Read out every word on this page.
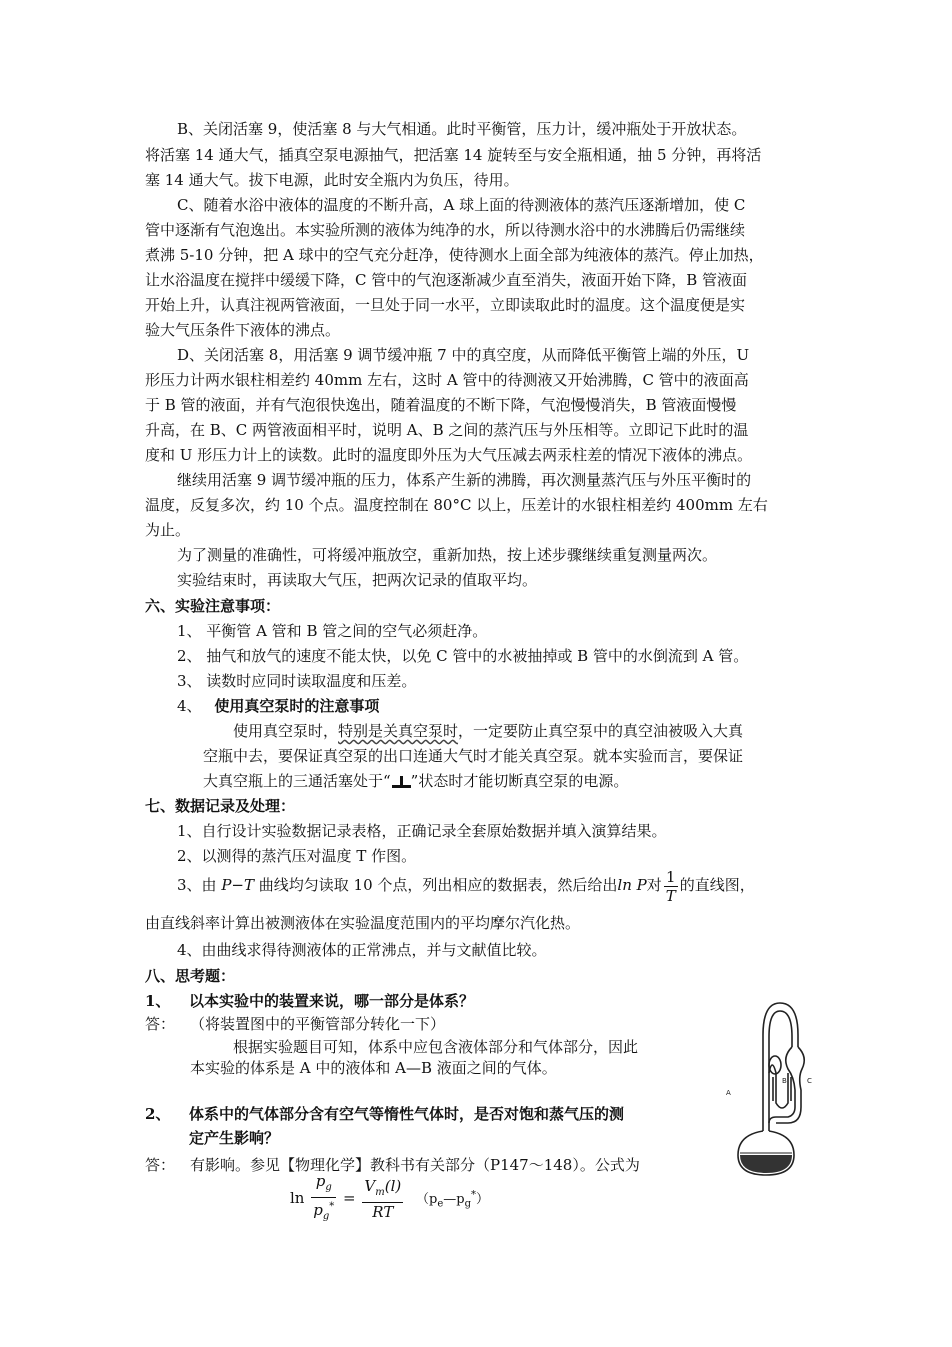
B、关闭活塞 9，使活塞 8 与大气相通。此时平衡管，压力计，缓冲瓶处于开放状态。
将活塞 14 通大气，插真空泵电源抽气，把活塞 14 旋转至与安全瓶相通，抽 5 分钟，再将活
塞 14 通大气。拔下电源，此时安全瓶内为负压，待用。
C、随着水浴中液体的温度的不断升高，A 球上面的待测液体的蒸汽压逐渐增加，使 C
管中逐渐有气泡逸出。本实验所测的液体为纯净的水，所以待测水浴中的水沸腾后仍需继续
煮沸 5-10 分钟，把 A 球中的空气充分赶净，使待测水上面全部为纯液体的蒸汽。停止加热，
让水浴温度在搅拌中缓缓下降，C 管中的气泡逐渐减少直至消失，液面开始下降，B 管液面
开始上升，认真注视两管液面，一旦处于同一水平，立即读取此时的温度。这个温度便是实
验大气压条件下液体的沸点。
D、关闭活塞 8，用活塞 9 调节缓冲瓶 7 中的真空度，从而降低平衡管上端的外压，U
形压力计两水银柱相差约 40mm 左右，这时 A 管中的待测液又开始沸腾，C 管中的液面高
于 B 管的液面，并有气泡很快逸出，随着温度的不断下降，气泡慢慢消失，B 管液面慢慢
升高，在 B、C 两管液面相平时，说明 A、B 之间的蒸汽压与外压相等。立即记下此时的温
度和 U 形压力计上的读数。此时的温度即外压为大气压减去两汞柱差的情况下液体的沸点。
继续用活塞 9 调节缓冲瓶的压力，体系产生新的沸腾，再次测量蒸汽压与外压平衡时的
温度，反复多次，约 10 个点。温度控制在 80°C 以上，压差计的水银柱相差约 400mm 左右
为止。
为了测量的准确性，可将缓冲瓶放空，重新加热，按上述步骤继续重复测量两次。
实验结束时，再读取大气压，把两次记录的值取平均。
六、实验注意事项：
1、 平衡管 A 管和 B 管之间的空气必须赶净。
2、 抽气和放气的速度不能太快，以免 C 管中的水被抽掉或 B 管中的水倒流到 A 管。
3、 读数时应同时读取温度和压差。
4、 使用真空泵时的注意事项
使用真空泵时，特别是关真空泵时，一定要防止真空泵中的真空油被吸入大真
空瓶中去，要保证真空泵的出口连通大气时才能关真空泵。就本实验而言，要保证
大真空瓶上的三通活塞处于“ ”状态时才能切断真空泵的电源。
七、数据记录及处理：
1、自行设计实验数据记录表格，正确记录全套原始数据并填入演算结果。
2、以测得的蒸汽压对温度 T 作图。
3、由 P−T 曲线均匀读取 10 个点，列出相应的数据表，然后给出ln P对 $\frac{1}{T}$ 的直线图，
由直线斜率计算出被测液体在实验温度范围内的平均摩尔汽化热。
4、由曲线求得待测液体的正常沸点，并与文献值比较。
八、思考题：
1、 以本实验中的装置来说，哪一部分是体系？
答： （将装置图中的平衡管部分转化一下）
根据实验题目可知，体系中应包含液体部分和气体部分，因此
本实验的体系是 A 中的液体和 A—B 液面之间的气体。
2、 体系中的气体部分含有空气等惰性气体时，是否对饱和蒸气压的测
定产生影响？
答： 有影响。参见【物理化学】教科书有关部分（P147～148）。公式为
$\ln \frac{p_g}{p_g^*} = \frac{V_m(l)}{RT}$ $(p_e—p_g^*)$
A
B	C
